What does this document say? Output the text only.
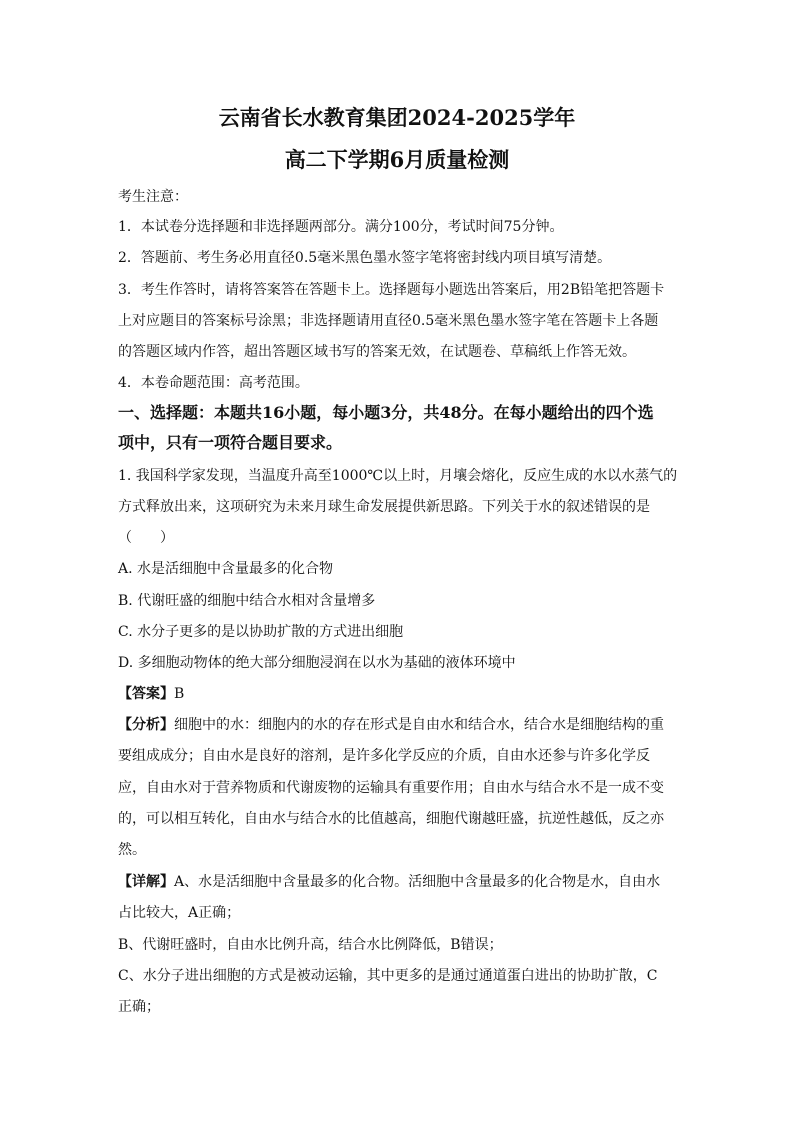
云南省长水教育集团2024-2025学年
高二下学期6月质量检测

考生注意：

1．本试卷分选择题和非选择题两部分。满分100分，考试时间75分钟。

2．答题前、考生务必用直径0.5毫米黑色墨水签字笔将密封线内项目填写清楚。

3．考生作答时，请将答案答在答题卡上。选择题每小题选出答案后，用2B铅笔把答题卡

上对应题目的答案标号涂黑；非选择题请用直径0.5毫米黑色墨水签字笔在答题卡上各题

的答题区域内作答，超出答题区域书写的答案无效，在试题卷、草稿纸上作答无效。

4．本卷命题范围：高考范围。

一、选择题：本题共16小题，每小题3分，共48分。在每小题给出的四个选

项中，只有一项符合题目要求。

1. 我国科学家发现，当温度升高至1000℃以上时，月壤会熔化，反应生成的水以水蒸气的

方式释放出来，这项研究为未来月球生命发展提供新思路。下列关于水的叙述错误的是

（　　）

A. 水是活细胞中含量最多的化合物

B. 代谢旺盛的细胞中结合水相对含量增多

C. 水分子更多的是以协助扩散的方式进出细胞

D. 多细胞动物体的绝大部分细胞浸润在以水为基础的液体环境中

【答案】B

【分析】细胞中的水：细胞内的水的存在形式是自由水和结合水，结合水是细胞结构的重

要组成成分；自由水是良好的溶剂，是许多化学反应的介质，自由水还参与许多化学反

应，自由水对于营养物质和代谢废物的运输具有重要作用；自由水与结合水不是一成不变

的，可以相互转化，自由水与结合水的比值越高，细胞代谢越旺盛，抗逆性越低，反之亦

然。

【详解】A、水是活细胞中含量最多的化合物。活细胞中含量最多的化合物是水，自由水

占比较大，A正确；

B、代谢旺盛时，自由水比例升高，结合水比例降低，B错误；

C、水分子进出细胞的方式是被动运输，其中更多的是通过通道蛋白进出的协助扩散，C

正确；
